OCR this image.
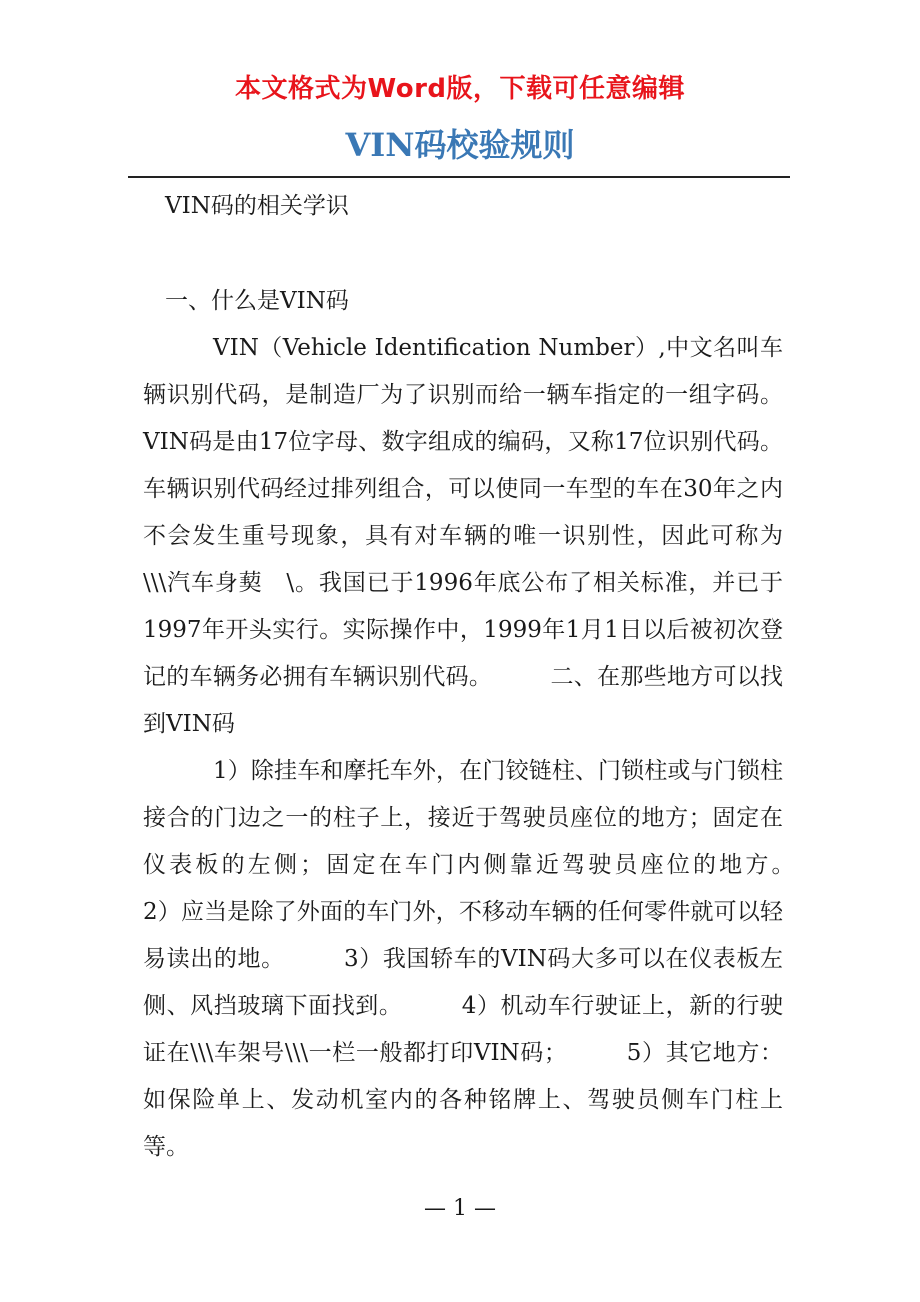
本文格式为Word版，下载可任意编辑
VIN码校验规则

VIN码的相关学识

一、什么是VIN码

VIN（Vehicle Identification Number）,中文名叫车辆识别代码，是制造厂为了识别而给一辆车指定的一组字码。VIN码是由17位字母、数字组成的编码，又称17位识别代码。车辆识别代码经过排列组合，可以使同一车型的车在30年之内不会发生重号现象，具有对车辆的唯一识别性，因此可称为\\\汽车身葜　\。我国已于1996年底公布了相关标准，并已于1997年开头实行。实际操作中，1999年1月1日以后被初次登记的车辆务必拥有车辆识别代码。　　　二、在那些地方可以找到VIN码

1）除挂车和摩托车外，在门铰链柱、门锁柱或与门锁柱接合的门边之一的柱子上，接近于驾驶员座位的地方；固定在仪表板的左侧；固定在车门内侧靠近驾驶员座位的地方。　　　2）应当是除了外面的车门外，不移动车辆的任何零件就可以轻易读出的地。　　　3）我国轿车的VIN码大多可以在仪表板左侧、风挡玻璃下面找到。　　　4）机动车行驶证上，新的行驶证在\\\车架号\\\一栏一般都打印VIN码；　　　5）其它地方：如保险单上、发动机室内的各种铭牌上、驾驶员侧车门柱上等。

— 1 —
